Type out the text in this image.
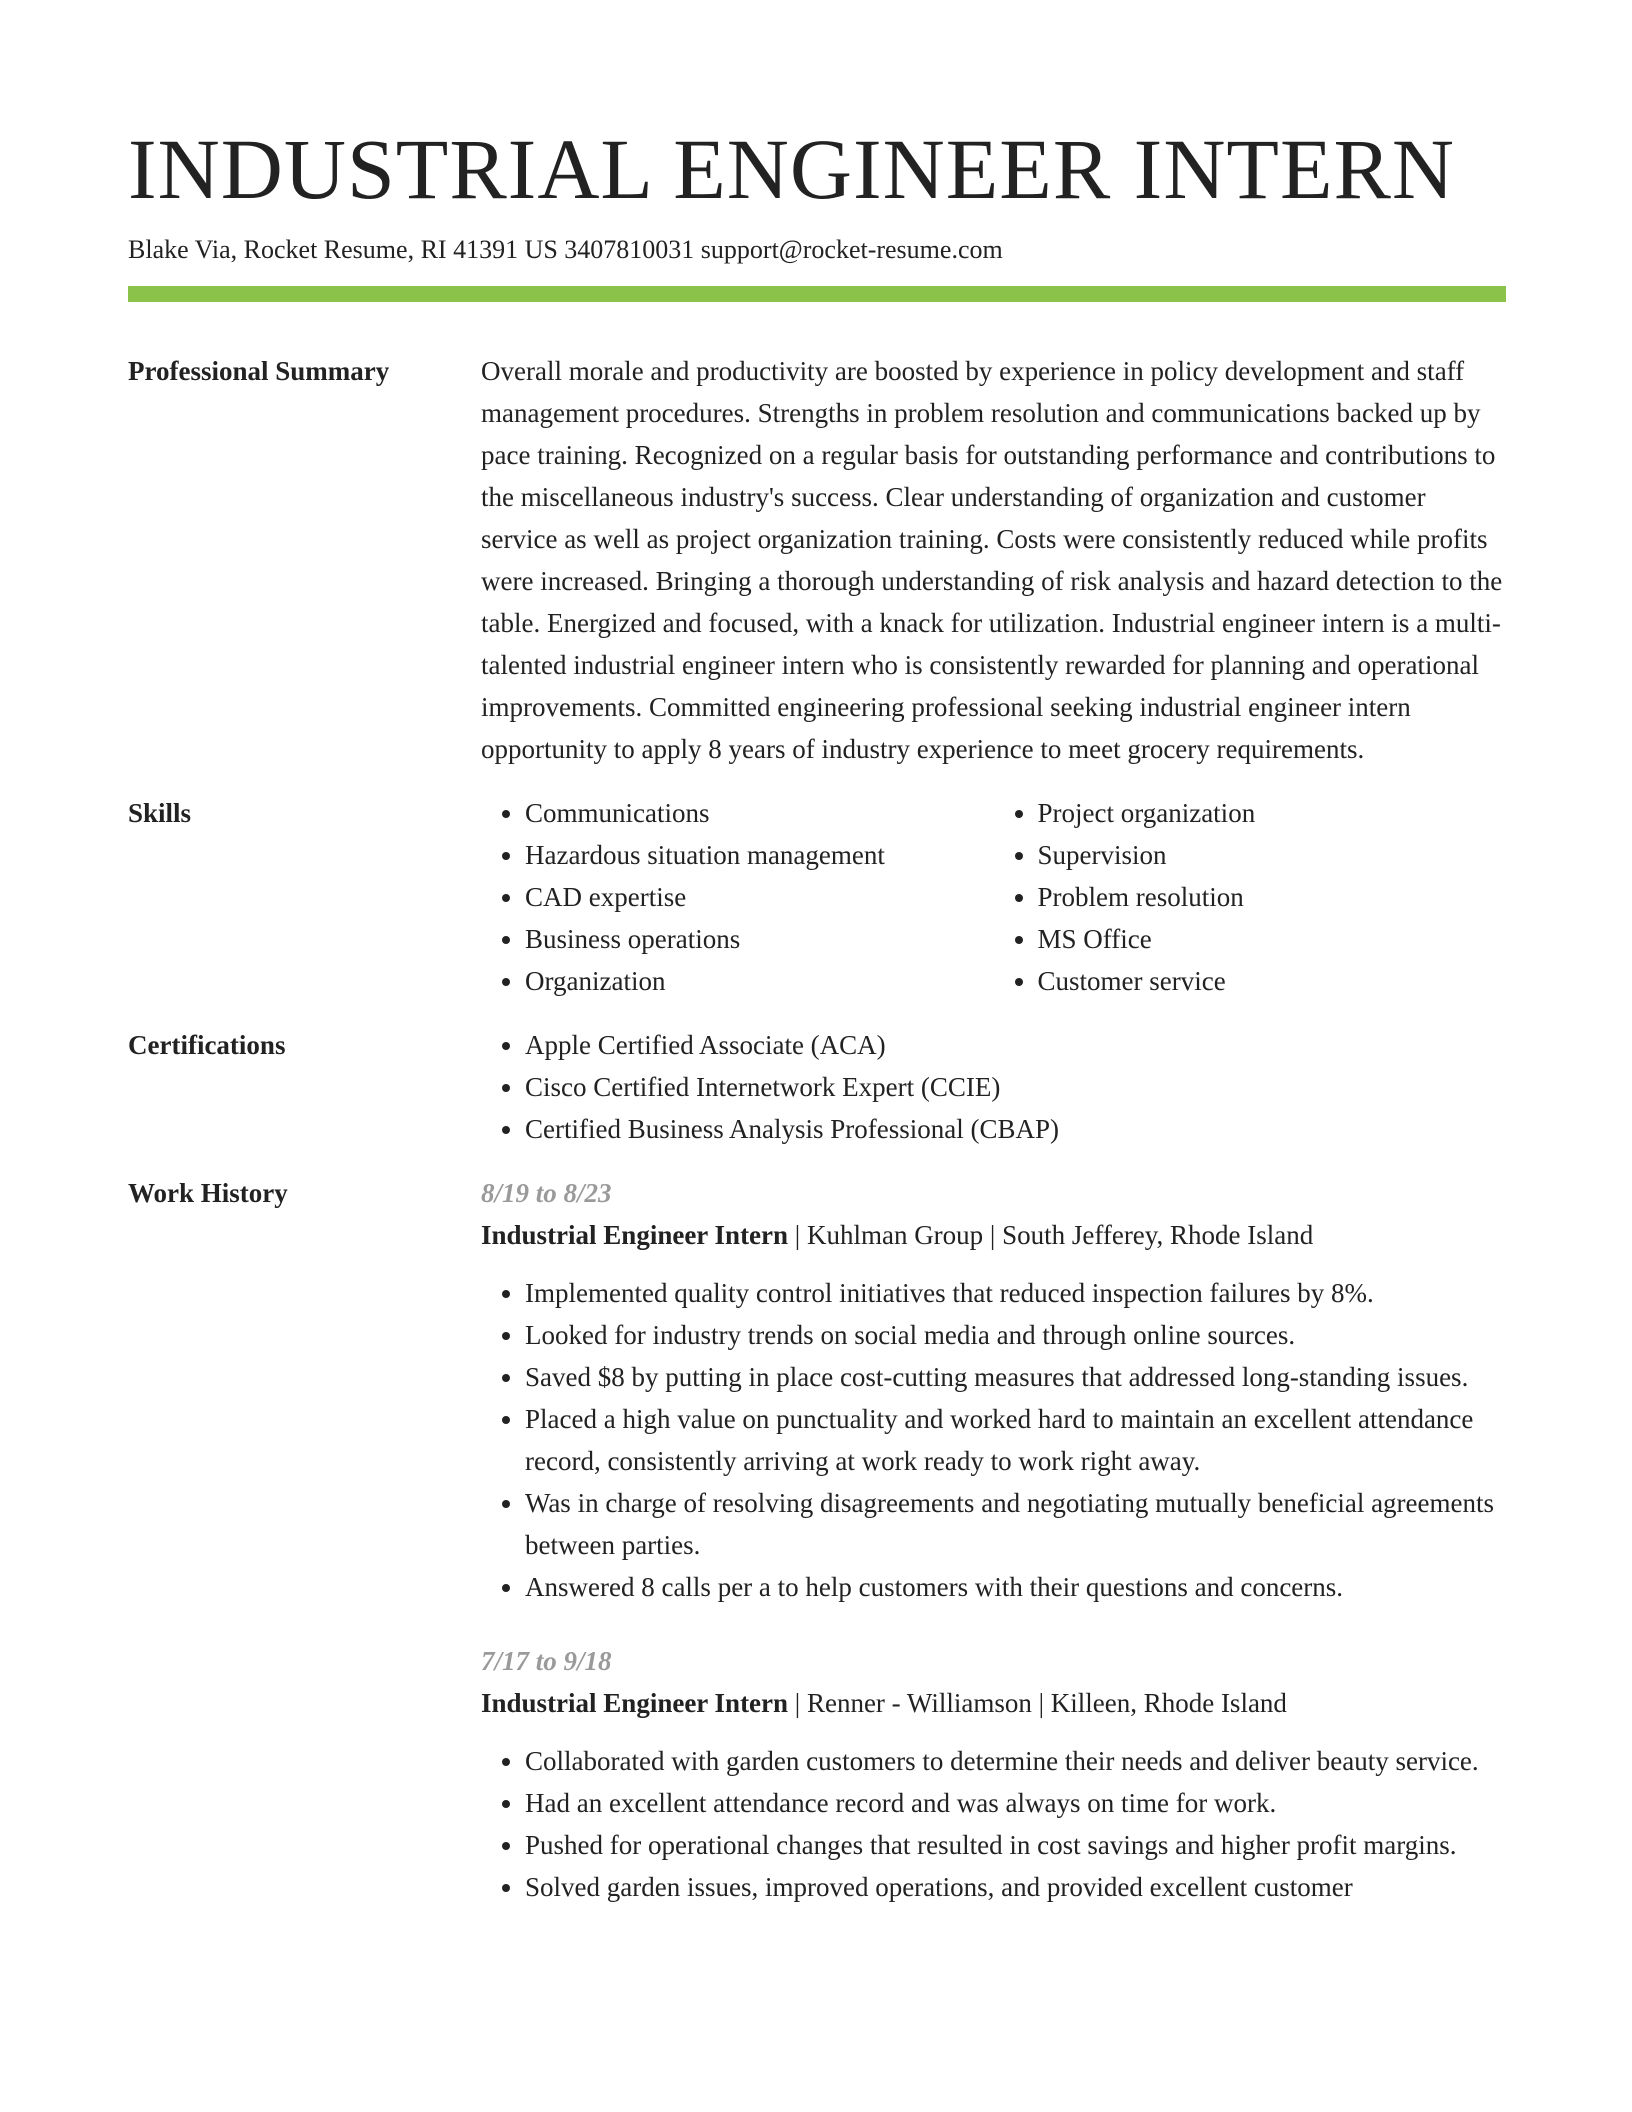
INDUSTRIAL ENGINEER INTERN
Blake Via, Rocket Resume, RI 41391 US 3407810031 support@rocket-resume.com
Professional Summary	Overall morale and productivity are boosted by experience in policy development and staff management procedures. Strengths in problem resolution and communications backed up by pace training. Recognized on a regular basis for outstanding performance and contributions to the miscellaneous industry's success. Clear understanding of organization and customer service as well as project organization training. Costs were consistently reduced while profits were increased. Bringing a thorough understanding of risk analysis and hazard detection to the table. Energized and focused, with a knack for utilization. Industrial engineer intern is a multi-talented industrial engineer intern who is consistently rewarded for planning and operational improvements. Committed engineering professional seeking industrial engineer intern opportunity to apply 8 years of industry experience to meet grocery requirements.

Skills	• Communications
• Hazardous situation management
• CAD expertise
• Business operations
• Organization
• Project organization
• Supervision
• Problem resolution
• MS Office
• Customer service
Certifications	• Apple Certified Associate (ACA)
• Cisco Certified Internetwork Expert (CCIE)
• Certified Business Analysis Professional (CBAP)
Work History	8/19 to 8/23
Industrial Engineer Intern | Kuhlman Group | South Jefferey, Rhode Island
• Implemented quality control initiatives that reduced inspection failures by 8%.
• Looked for industry trends on social media and through online sources.
• Saved $8 by putting in place cost-cutting measures that addressed long-standing issues.
• Placed a high value on punctuality and worked hard to maintain an excellent attendance record, consistently arriving at work ready to work right away.
• Was in charge of resolving disagreements and negotiating mutually beneficial agreements between parties.
• Answered 8 calls per a to help customers with their questions and concerns.
7/17 to 9/18
Industrial Engineer Intern | Renner - Williamson | Killeen, Rhode Island
• Collaborated with garden customers to determine their needs and deliver beauty service.
• Had an excellent attendance record and was always on time for work.
• Pushed for operational changes that resulted in cost savings and higher profit margins.
• Solved garden issues, improved operations, and provided excellent customer
